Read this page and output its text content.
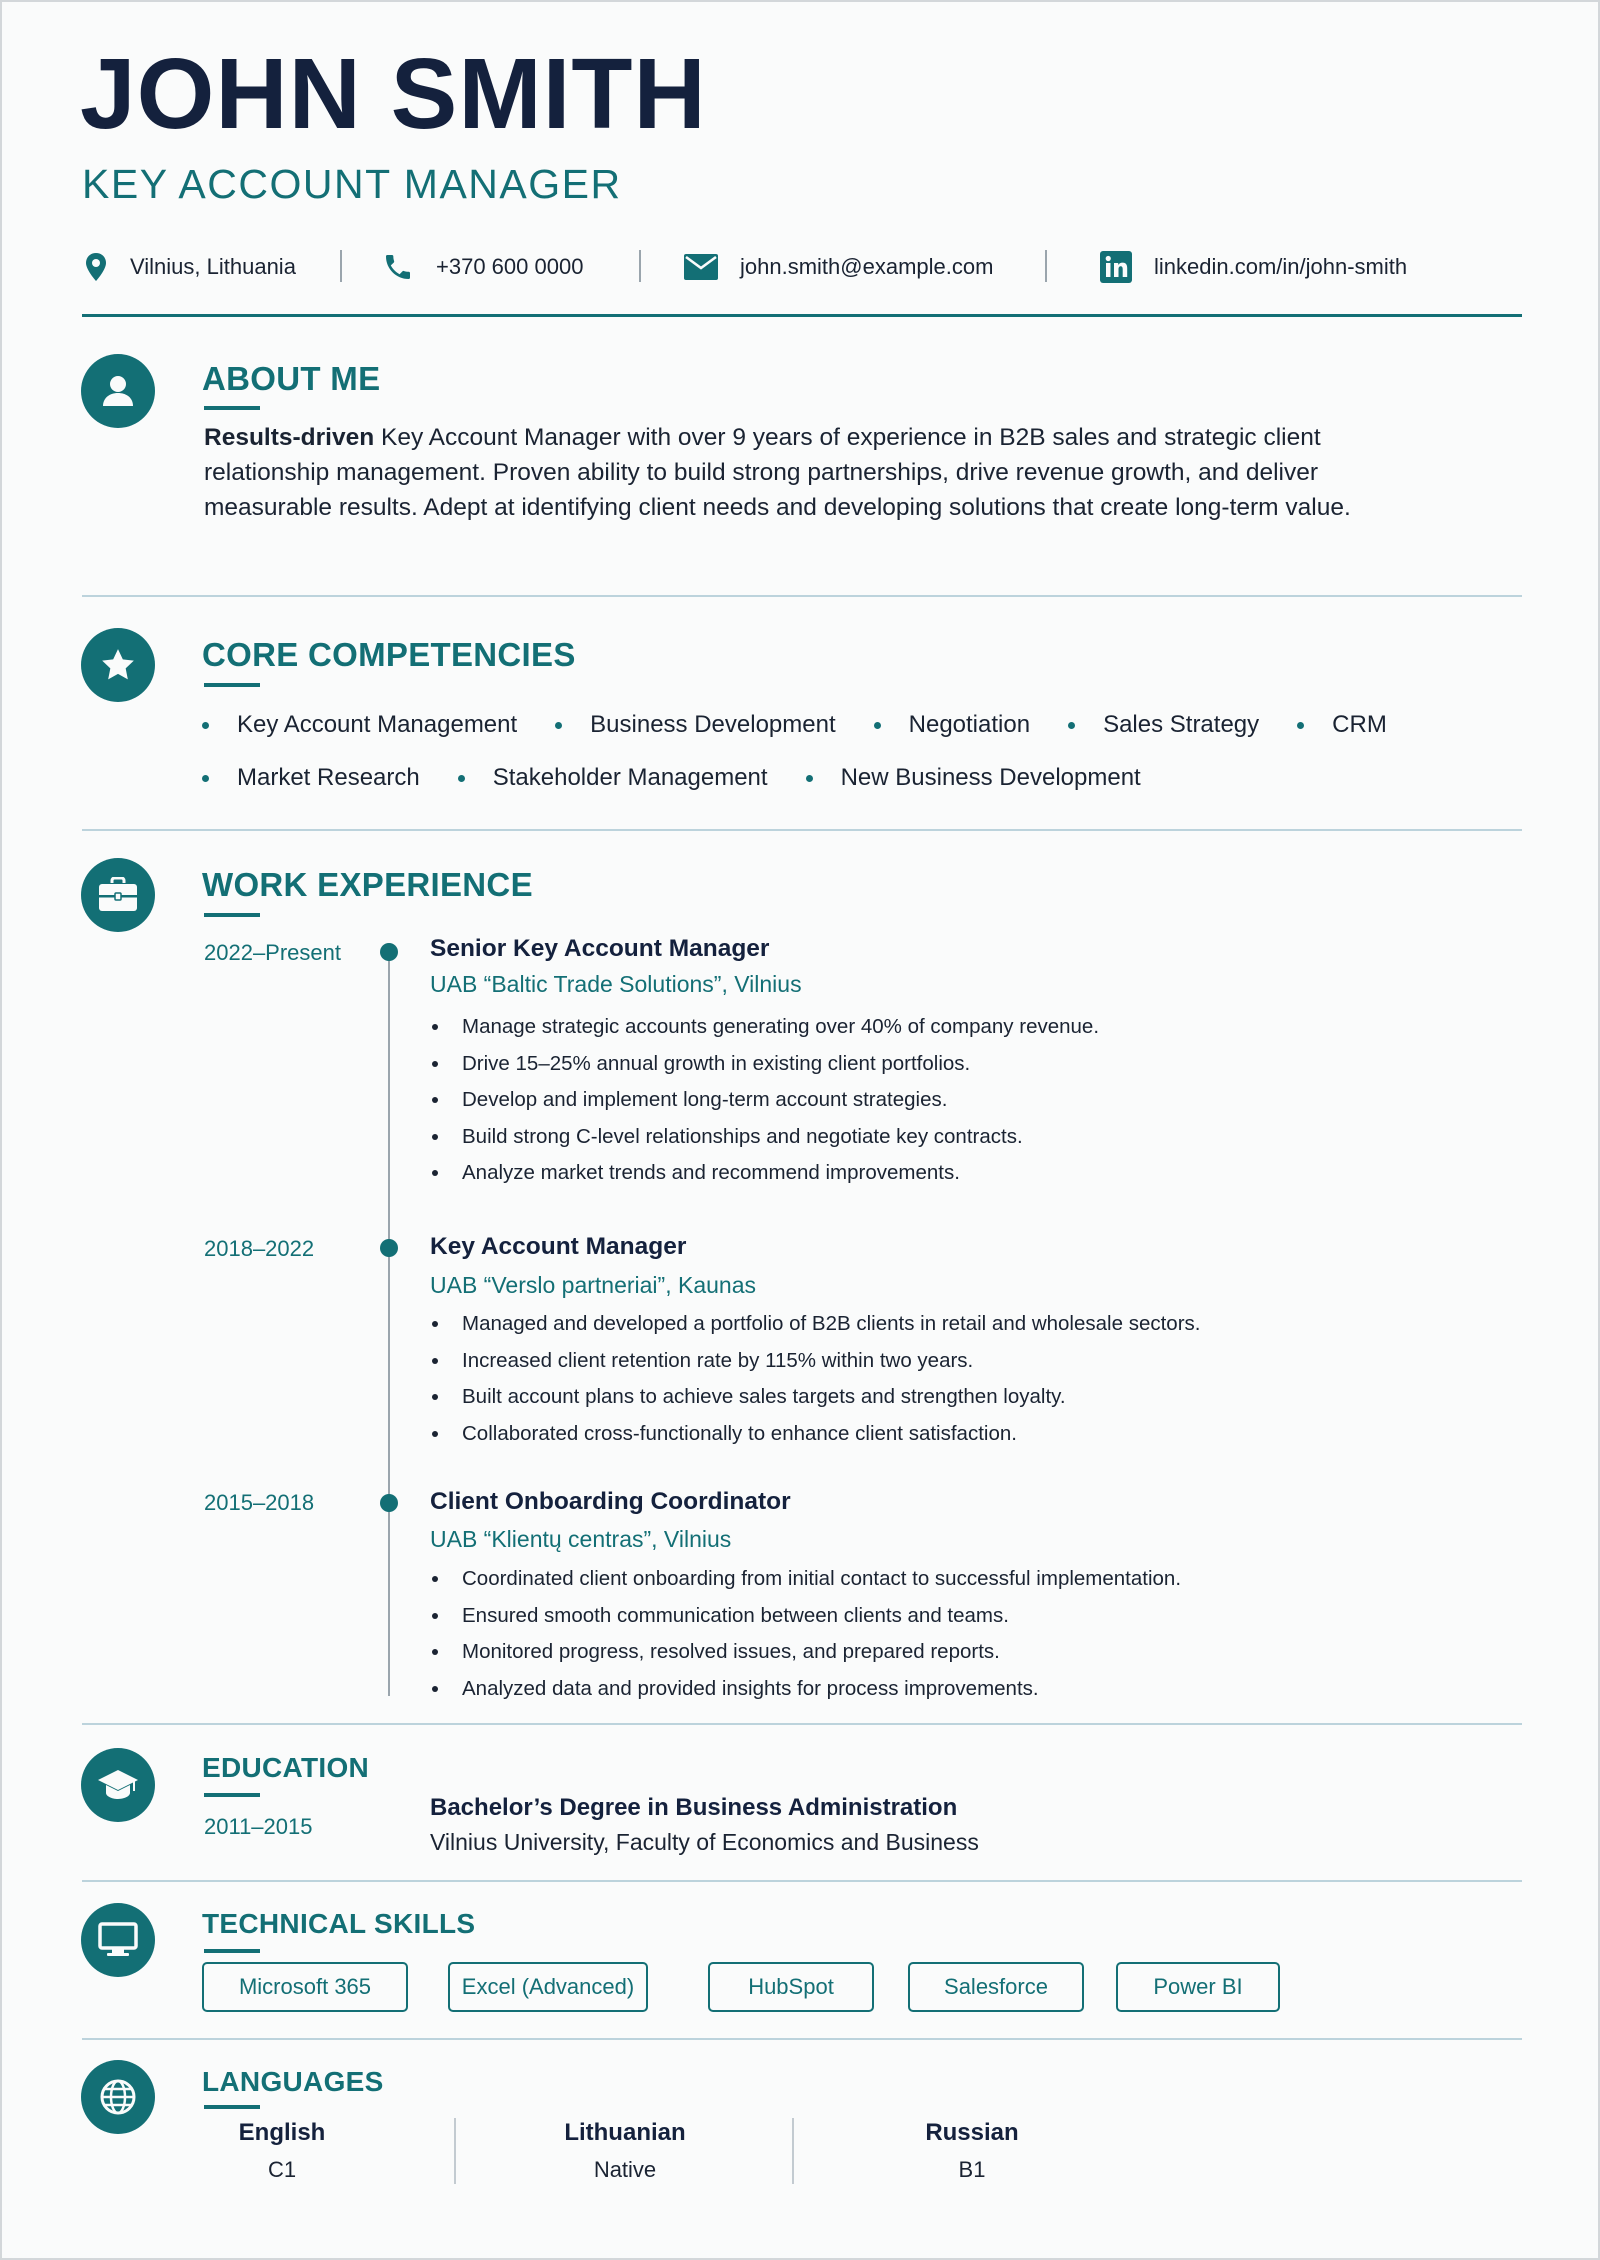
JOHN SMITH
KEY ACCOUNT MANAGER
Vilnius, Lithuania	+370 600 0000	john.smith@example.com	linkedin.com/in/john-smith
ABOUT ME
Results-driven Key Account Manager with over 9 years of experience in B2B sales and strategic client relationship management. Proven ability to build strong partnerships, drive revenue growth, and deliver measurable results. Adept at identifying client needs and developing solutions that create long-term value.
CORE COMPETENCIES
Key Account Management	Business Development	Negotiation	Sales Strategy	CRM
Market Research	Stakeholder Management	New Business Development
WORK EXPERIENCE
2022–Present	Senior Key Account Manager
UAB “Baltic Trade Solutions”, Vilnius
Manage strategic accounts generating over 40% of company revenue.
Drive 15–25% annual growth in existing client portfolios.
Develop and implement long-term account strategies.
Build strong C-level relationships and negotiate key contracts.
Analyze market trends and recommend improvements.
2018–2022	Key Account Manager
UAB “Verslo partneriai”, Kaunas
Managed and developed a portfolio of B2B clients in retail and wholesale sectors.
Increased client retention rate by 115% within two years.
Built account plans to achieve sales targets and strengthen loyalty.
Collaborated cross-functionally to enhance client satisfaction.
2015–2018	Client Onboarding Coordinator
UAB “Klientų centras”, Vilnius
Coordinated client onboarding from initial contact to successful implementation.
Ensured smooth communication between clients and teams.
Monitored progress, resolved issues, and prepared reports.
Analyzed data and provided insights for process improvements.
EDUCATION
2011–2015
Bachelor’s Degree in Business Administration
Vilnius University, Faculty of Economics and Business
TECHNICAL SKILLS
Microsoft 365	Excel (Advanced)	HubSpot	Salesforce	Power BI
LANGUAGES
English
C1
Lithuanian
Native
Russian
B1
